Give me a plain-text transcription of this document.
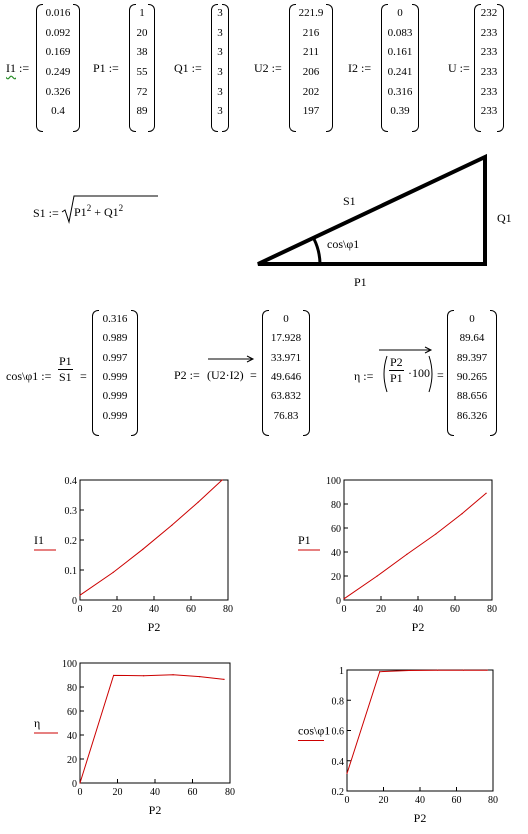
I1 :=
0.016
0.092
0.169
0.249
0.326
0.4
P1 :=
1
20
38
55
72
89
Q1 :=
3
3
3
3
3
3
U2 :=
221.9
216
211
206
202
197
I2 :=
0
0.083
0.161
0.241
0.316
0.39
U :=
232
233
233
233
233
233
S1 := $P1^2 + Q1^2$	S1
Q1
P1
cos\φ1
cos\φ1 := $\frac{P1}{S1}$ =
0.316
0.989
0.997
0.999
0.999
0.999
P2 := (U2·I2) =
0
17.928
33.971
49.646
63.832
76.83
η := $\frac{P2}{P1} \cdot 100$ =
0
89.64
89.397
90.265
88.656
86.326
0	20	40	60	80
0
0.1
0.2
0.3
0.4
P2
I1
0	20	40	60	80
0
20
40
60
80
100
P2
P1
0	20	40	60	80
0
20
40
60
80
100
P2
η
0	20	40	60	80
0.2
0.4
0.6
0.8
1
P2
cos\φ1
